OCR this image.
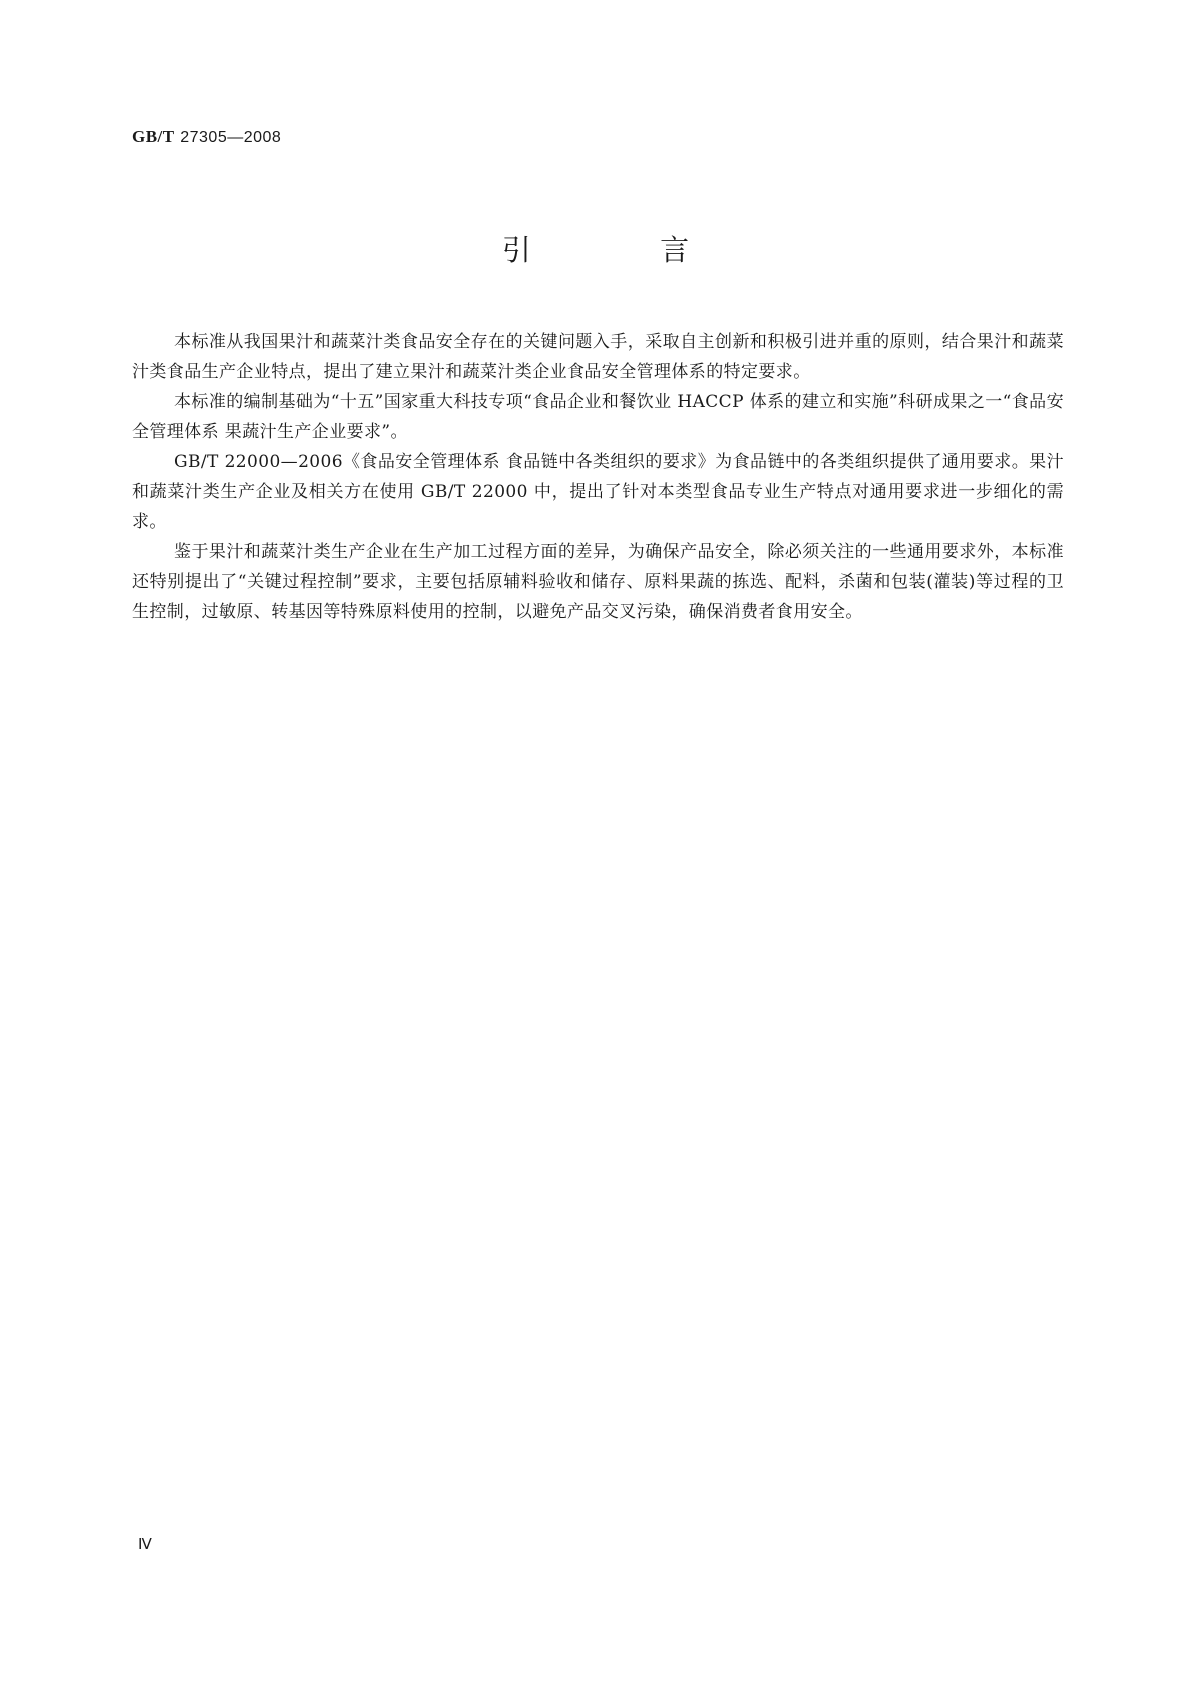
GB/T 27305—2008
引 言

本标准从我国果汁和蔬菜汁类食品安全存在的关键问题入手，采取自主创新和积极引进并重的原则，结合果汁和蔬菜汁类食品生产企业特点，提出了建立果汁和蔬菜汁类企业食品安全管理体系的特定要求。

本标准的编制基础为“十五”国家重大科技专项“食品企业和餐饮业 HACCP 体系的建立和实施”科研成果之一“食品安全管理体系 果蔬汁生产企业要求”。

GB/T 22000—2006《食品安全管理体系 食品链中各类组织的要求》为食品链中的各类组织提供了通用要求。果汁和蔬菜汁类生产企业及相关方在使用 GB/T 22000 中，提出了针对本类型食品专业生产特点对通用要求进一步细化的需求。

鉴于果汁和蔬菜汁类生产企业在生产加工过程方面的差异，为确保产品安全，除必须关注的一些通用要求外，本标准还特别提出了“关键过程控制”要求，主要包括原辅料验收和储存、原料果蔬的拣选、配料，杀菌和包装(灌装)等过程的卫生控制，过敏原、转基因等特殊原料使用的控制，以避免产品交叉污染，确保消费者食用安全。

Ⅳ
